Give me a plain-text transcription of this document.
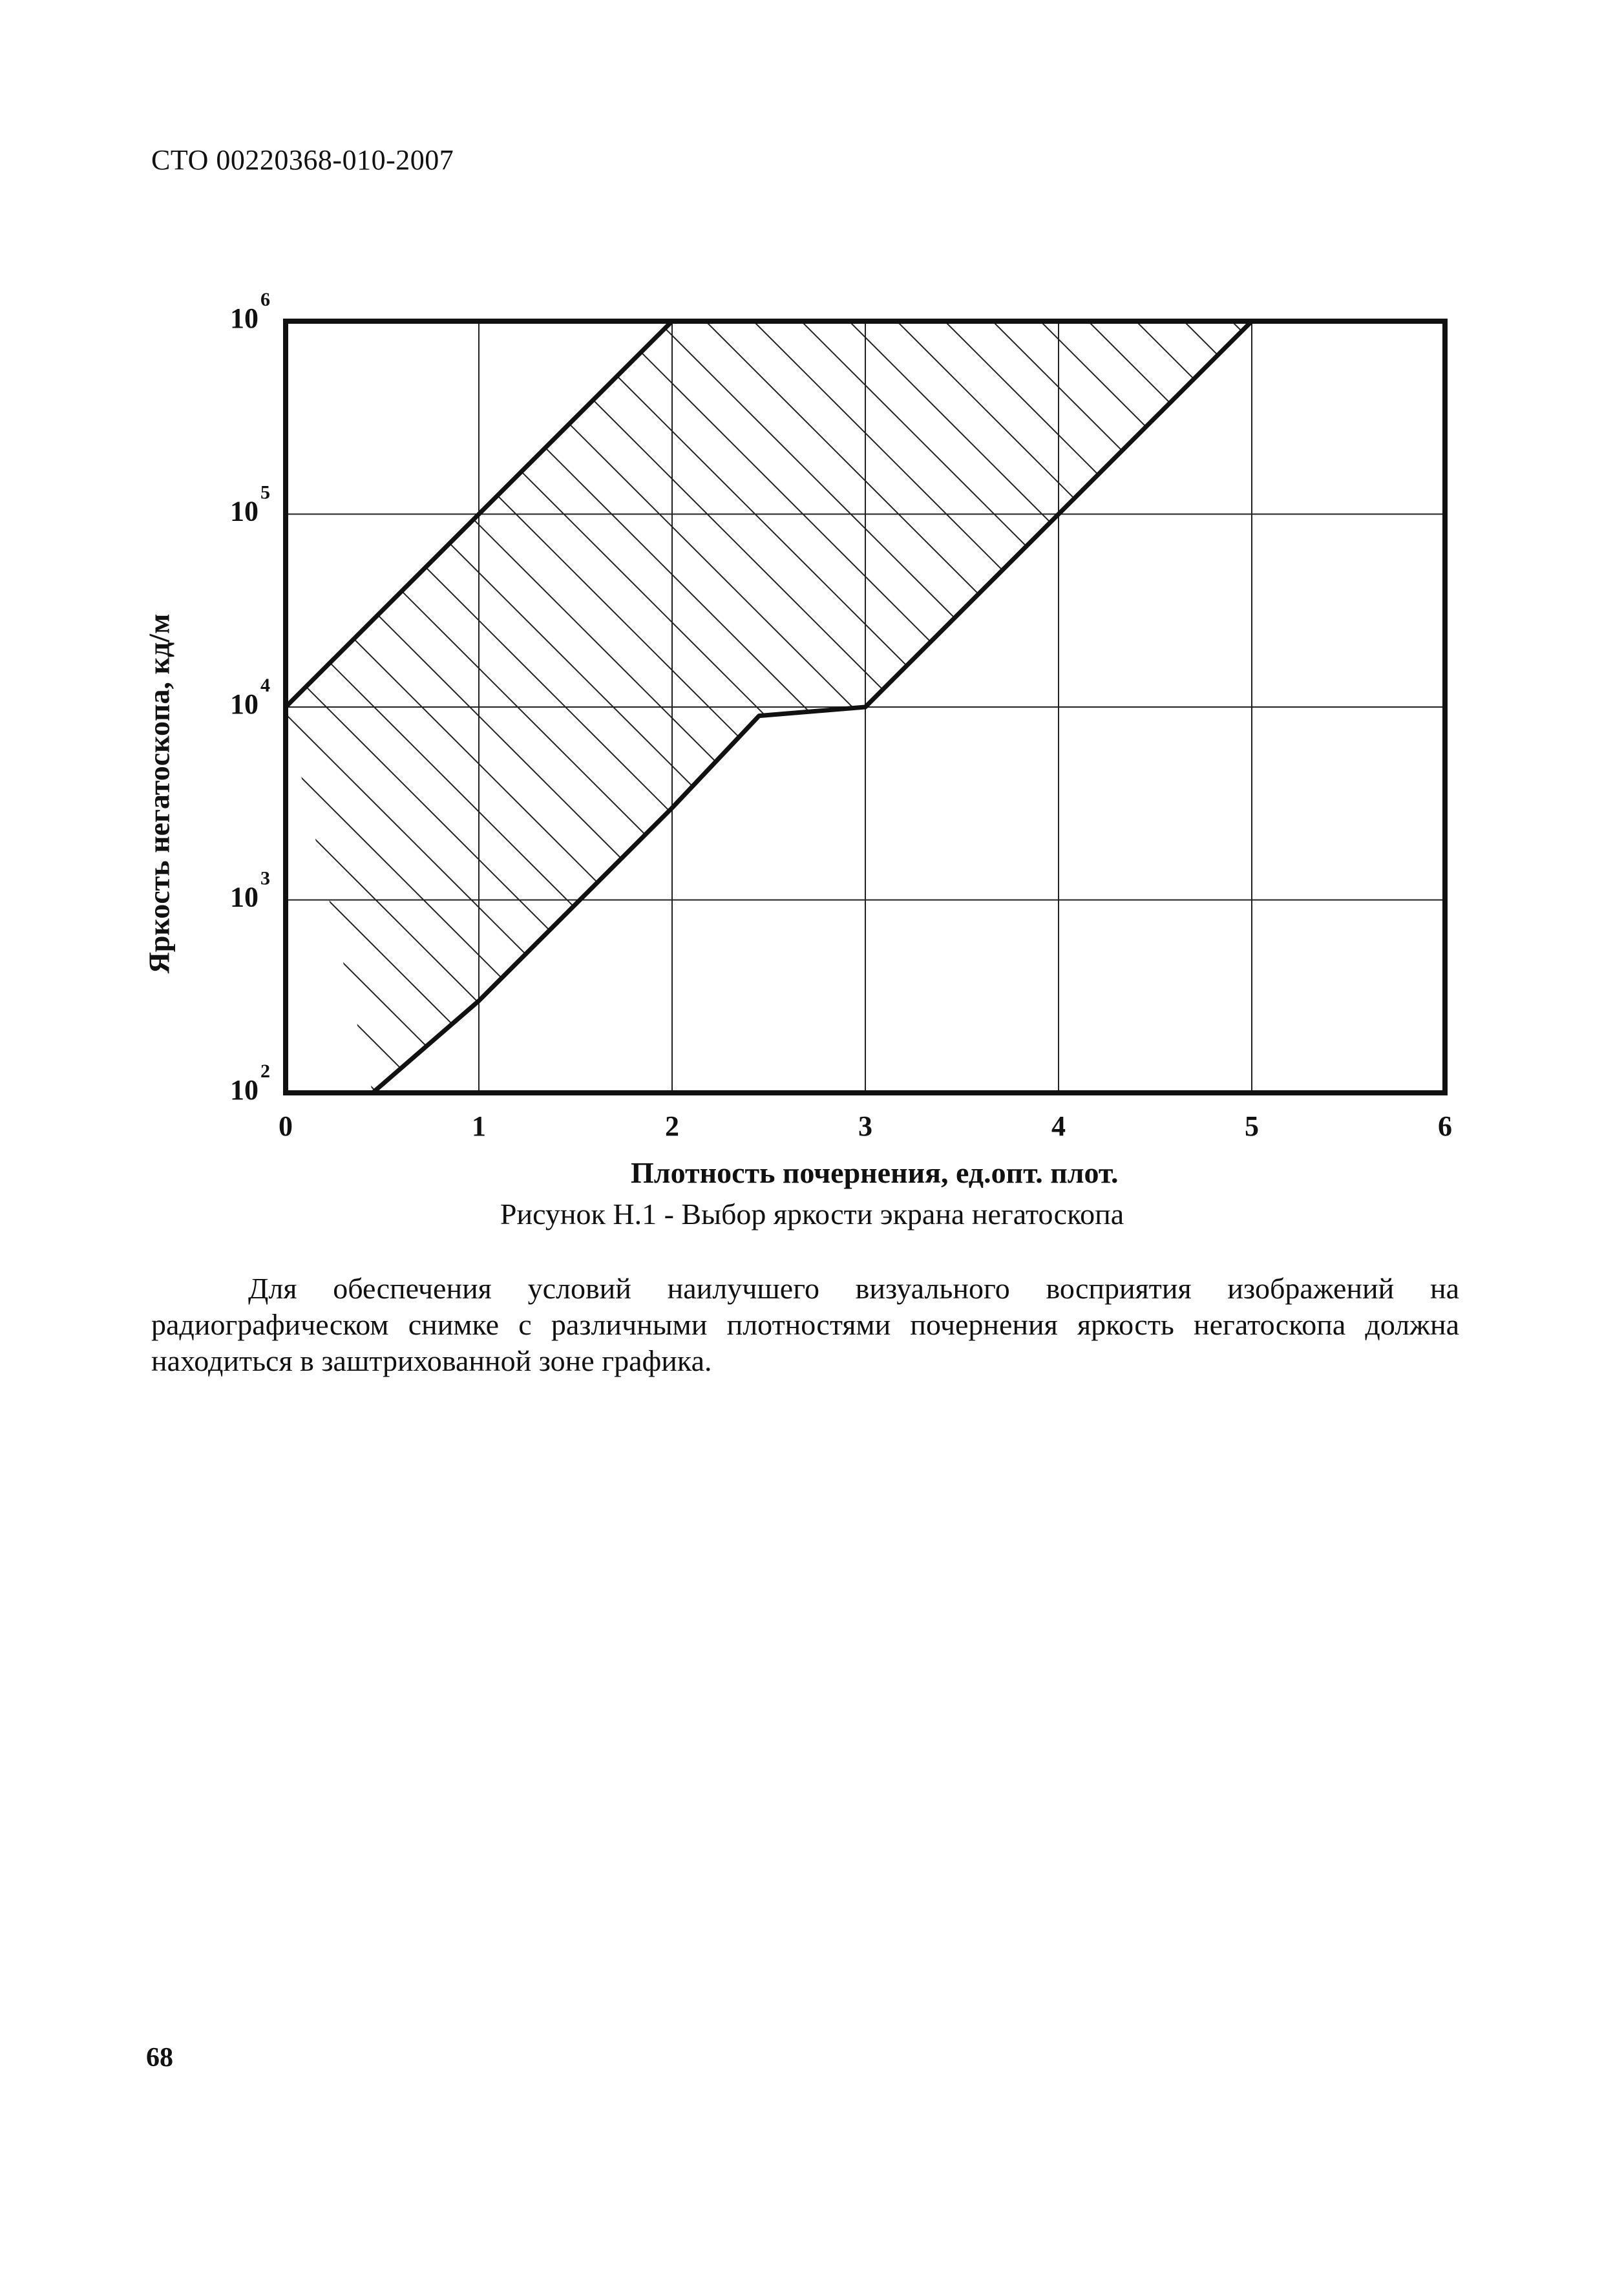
СТО 00220368-010-2007
0	1	2	3	4	5	6
10
2
10
3
10
4
10
5
10
6
Яркость негатоскопа, кд/м
Плотность почернения, ед.опт. плот.
Рисунок Н.1 - Выбор яркости экрана негатоскопа

Для обеспечения условий наилучшего визуального восприятия изображений на радиографическом снимке с различными плотностями почернения яркость негатоскопа должна находиться в заштрихованной зоне графика.

68
